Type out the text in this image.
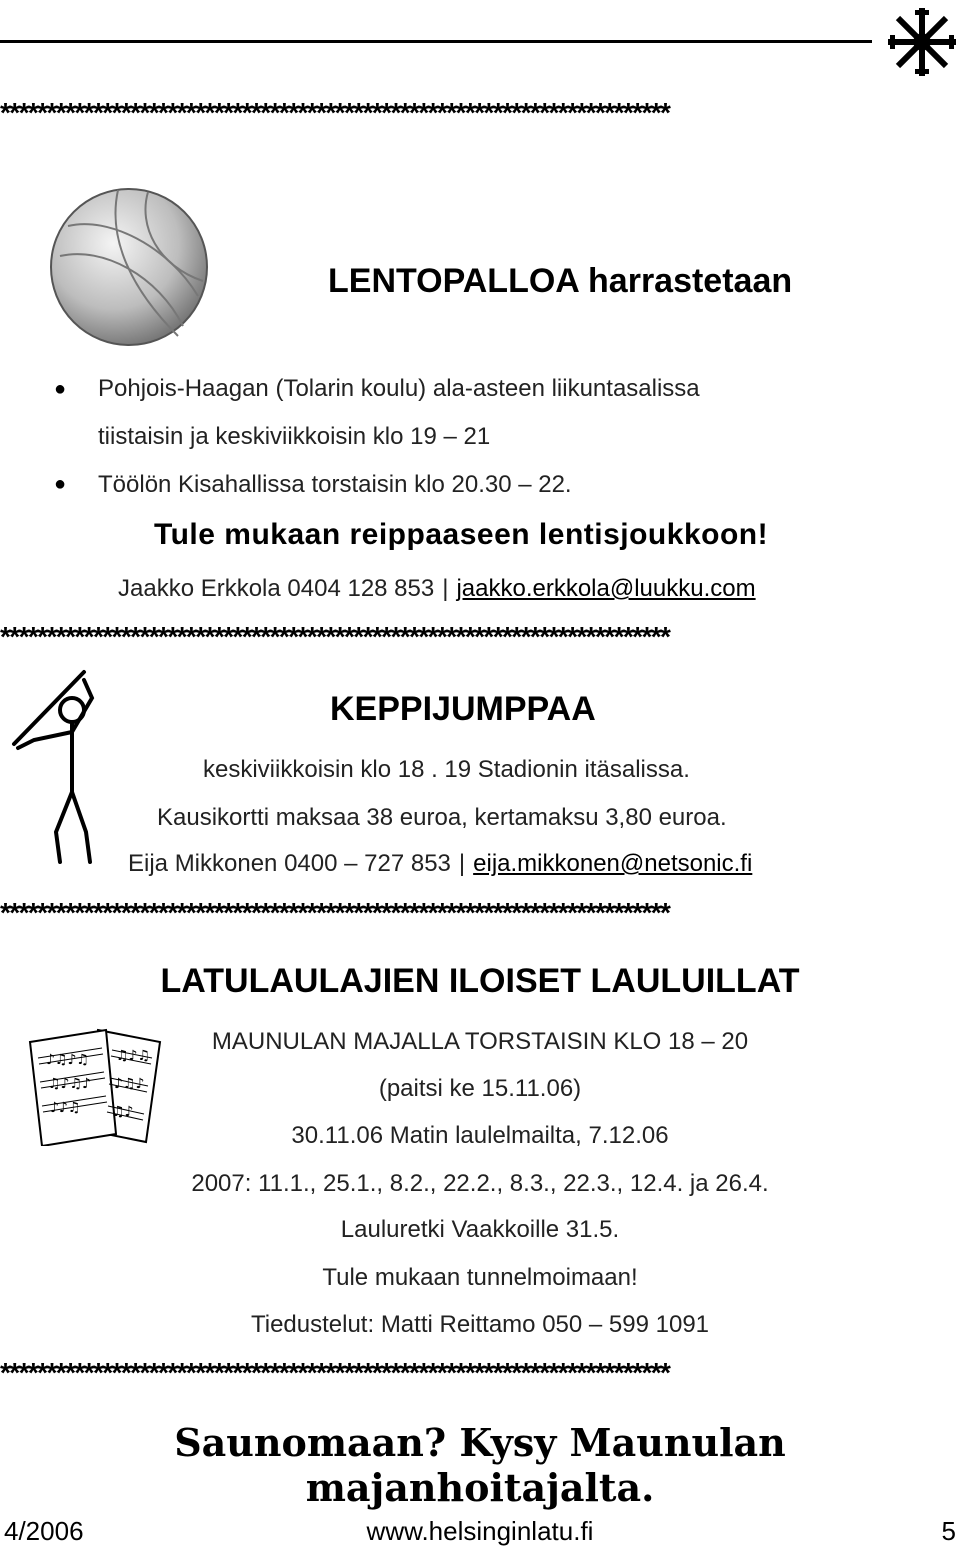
************************************************************************
************************************************************************
************************************************************************
************************************************************************
LENTOPALLOA harrastetaan
● Pohjois-Haagan (Tolarin koulu) ala-asteen liikuntasalissa
tiistaisin ja keskiviikkoisin klo 19 – 21
● Töölön Kisahallissa torstaisin klo 20.30 – 22.
Tule mukaan reippaaseen lentisjoukkoon!
Jaakko Erkkola 0404 128 853 | jaakko.erkkola@luukku.com
KEPPIJUMPPAA
keskiviikkoisin klo 18 . 19 Stadionin itäsalissa.
Kausikortti maksaa 38 euroa, kertamaksu 3,80 euroa.
Eija Mikkonen 0400 – 727 853 | eija.mikkonen@netsonic.fi
♪♫♪♫
♫♪♫♪
♪♪♫
♫♪♫
♪♫♪
♫♪
LATULAULAJIEN ILOISET LAULUILLAT
MAUNULAN MAJALLA TORSTAISIN KLO 18 – 20
(paitsi ke 15.11.06)
30.11.06 Matin laulelmailta, 7.12.06
2007: 11.1., 25.1., 8.2., 22.2., 8.3., 22.3., 12.4. ja 26.4.
Lauluretki Vaakkoille 31.5.
Tule mukaan tunnelmoimaan!
Tiedustelut: Matti Reittamo 050 – 599 1091
Saunomaan? Kysy Maunulan majanhoitajalta.
4/2006	www.helsinginlatu.fi	5
